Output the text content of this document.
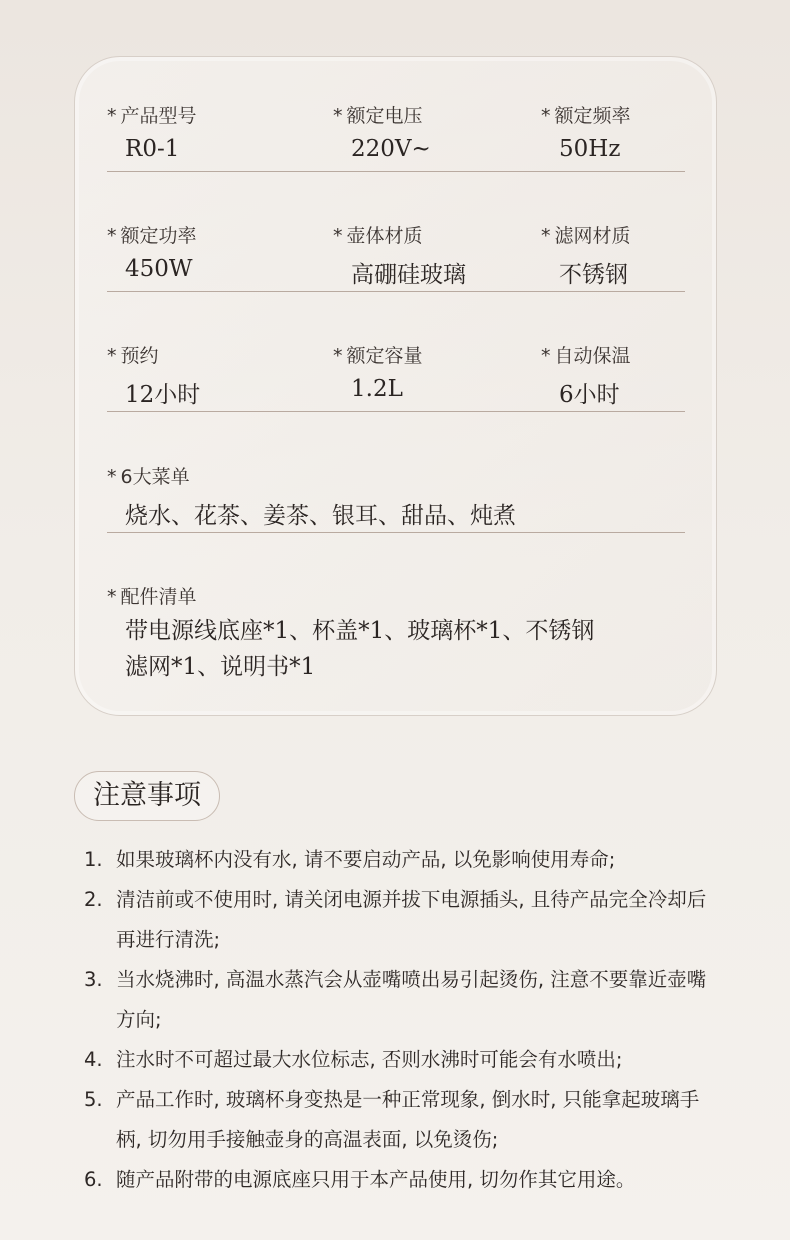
* 产品型号
R0-1
* 额定电压
220V~
* 额定频率
50Hz
* 额定功率
450W
* 壶体材质
高硼硅玻璃
* 滤网材质
不锈钢
* 预约
12小时
* 额定容量
1.2L
* 自动保温
6小时
* 6大菜单
烧水、花茶、姜茶、银耳、甜品、炖煮
* 配件清单
带电源线底座*1、杯盖*1、玻璃杯*1、不锈钢滤网*1、说明书*1
注意事项
1. 如果玻璃杯内没有水, 请不要启动产品, 以免影响使用寿命;
2. 清洁前或不使用时, 请关闭电源并拔下电源插头, 且待产品完全冷却后再进行清洗;
3. 当水烧沸时, 高温水蒸汽会从壶嘴喷出易引起烫伤, 注意不要靠近壶嘴方向;
4. 注水时不可超过最大水位标志, 否则水沸时可能会有水喷出;
5. 产品工作时, 玻璃杯身变热是一种正常现象, 倒水时, 只能拿起玻璃手柄, 切勿用手接触壶身的高温表面, 以免烫伤;
6. 随产品附带的电源底座只用于本产品使用, 切勿作其它用途。
